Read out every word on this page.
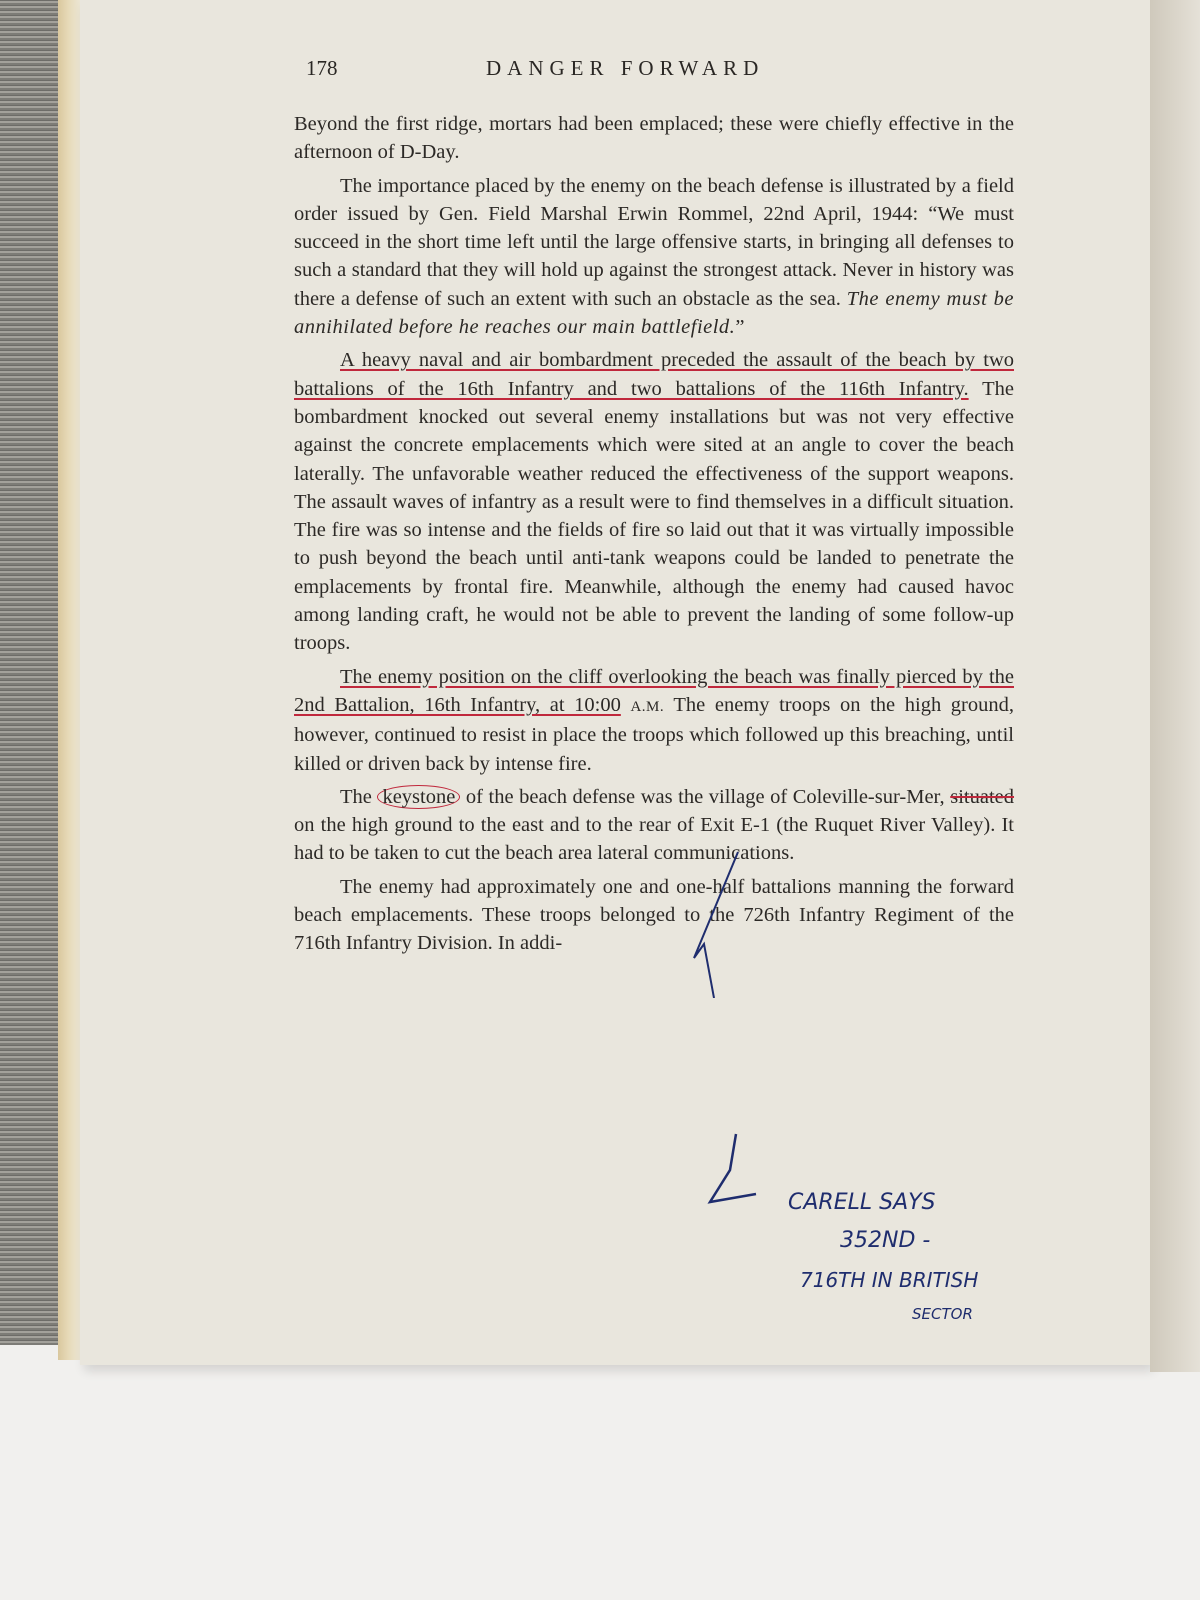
178	DANGER FORWARD

Beyond the first ridge, mortars had been emplaced; these were chiefly effective in the afternoon of D-Day.

The importance placed by the enemy on the beach defense is illustrated by a field order issued by Gen. Field Marshal Erwin Rommel, 22nd April, 1944: “We must succeed in the short time left until the large offensive starts, in bringing all defenses to such a standard that they will hold up against the strongest attack. Never in history was there a defense of such an extent with such an obstacle as the sea. The enemy must be annihilated before he reaches our main battlefield.”

A heavy naval and air bombardment preceded the assault of the beach by two battalions of the 16th Infantry and two battalions of the 116th Infantry. The bombardment knocked out several enemy installations but was not very effective against the concrete emplacements which were sited at an angle to cover the beach laterally. The unfavorable weather reduced the effectiveness of the support weapons. The assault waves of infantry as a result were to find themselves in a difficult situation. The fire was so intense and the fields of fire so laid out that it was virtually impossible to push beyond the beach until anti-tank weapons could be landed to penetrate the emplacements by frontal fire. Meanwhile, although the enemy had caused havoc among landing craft, he would not be able to prevent the landing of some follow-up troops.

The enemy position on the cliff overlooking the beach was finally pierced by the 2nd Battalion, 16th Infantry, at 10:00 A.M. The enemy troops on the high ground, however, continued to resist in place the troops which followed up this breaching, until killed or driven back by intense fire.

The keystone of the beach defense was the village of Coleville-sur-Mer, situated on the high ground to the east and to the rear of Exit E-1 (the Ruquet River Valley). It had to be taken to cut the beach area lateral communications.

The enemy had approximately one and one-half battalions manning the forward beach emplacements. These troops belonged to the 726th Infantry Regiment of the 716th Infantry Division. In addi-

CARELL SAYS
352ND -
716TH IN BRITISH
SECTOR
